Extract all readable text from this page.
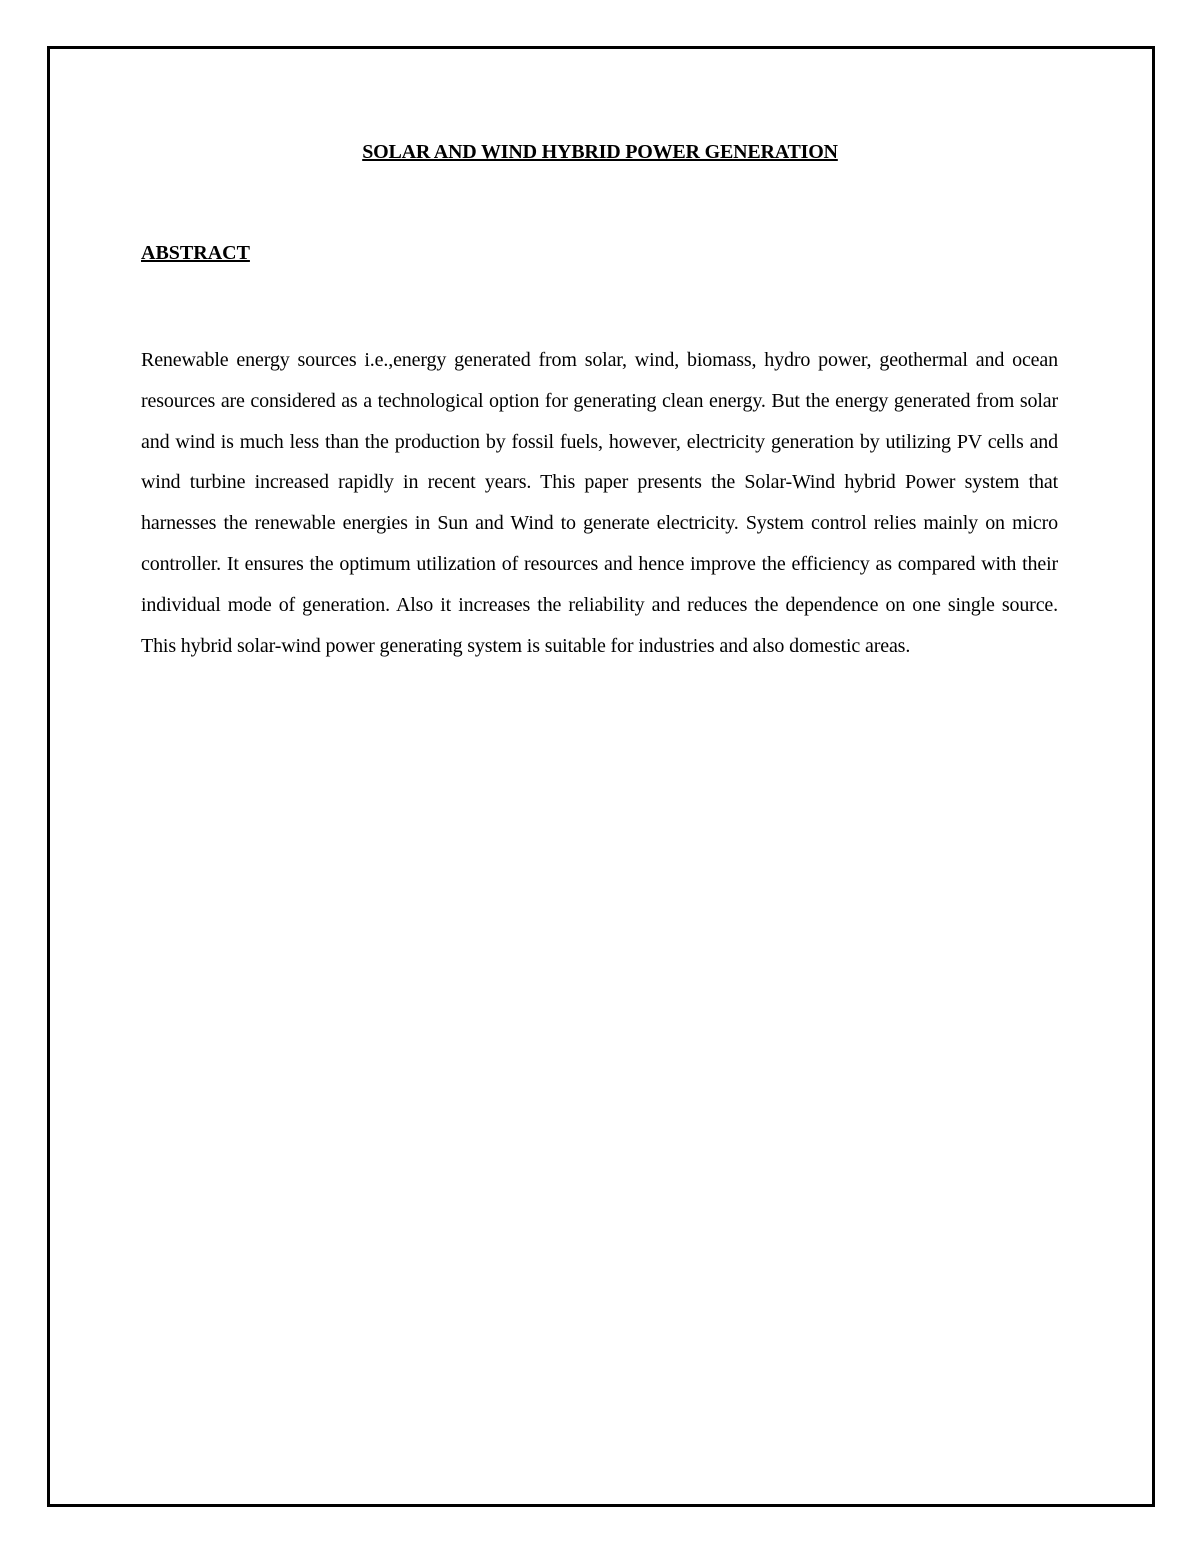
SOLAR AND WIND HYBRID POWER GENERATION
ABSTRACT

Renewable energy sources i.e.,energy generated from solar, wind, biomass, hydro power, geothermal and ocean resources are considered as a technological option for generating clean energy. But the energy generated from solar and wind is much less than the production by fossil fuels, however, electricity generation by utilizing PV cells and wind turbine increased rapidly in recent years. This paper presents the Solar-Wind hybrid Power system that harnesses the renewable energies in Sun and Wind to generate electricity. System control relies mainly on micro controller. It ensures the optimum utilization of resources and hence improve the efficiency as compared with their individual mode of generation. Also it increases the reliability and reduces the dependence on one single source. This hybrid solar-wind power generating system is suitable for industries and also domestic areas.
